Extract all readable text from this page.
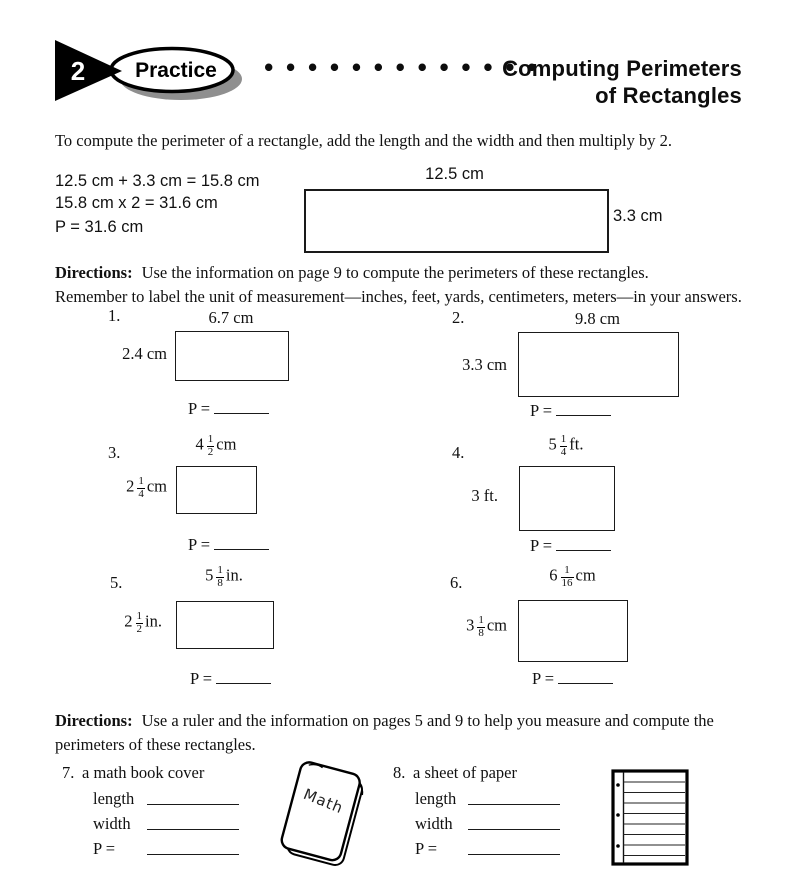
2 Practice •••••••••••••
Computing Perimeters
of Rectangles
To compute the perimeter of a rectangle, add the length and the width and then multiply by 2.
12.5 cm + 3.3 cm = 15.8 cm
15.8 cm x 2 = 31.6 cm
P = 31.6 cm
12.5 cm
3.3 cm
Directions: Use the information on page 9 to compute the perimeters of these rectangles.
Remember to label the unit of measurement—inches, feet, yards, centimeters, meters—in your answers.
1.	6.7 cm
2.4 cm
P =
2.	9.8 cm
3.3 cm
P =
3.	$4 \frac{1}{2}$ cm
$2 \frac{1}{4}$ cm
P =
4.	$5 \frac{1}{4}$ ft.
3 ft.
P =
5.	$5 \frac{1}{8}$ in.
$2 \frac{1}{2}$ in.
P =
6.	$6 \frac{1}{16}$ cm
$3 \frac{1}{8}$ cm
P =
Directions: Use a ruler and the information on pages 5 and 9 to help you measure and compute the
perimeters of these rectangles.
7. a math book cover
length
width
P =
Math
8. a sheet of paper
length
width
P =
